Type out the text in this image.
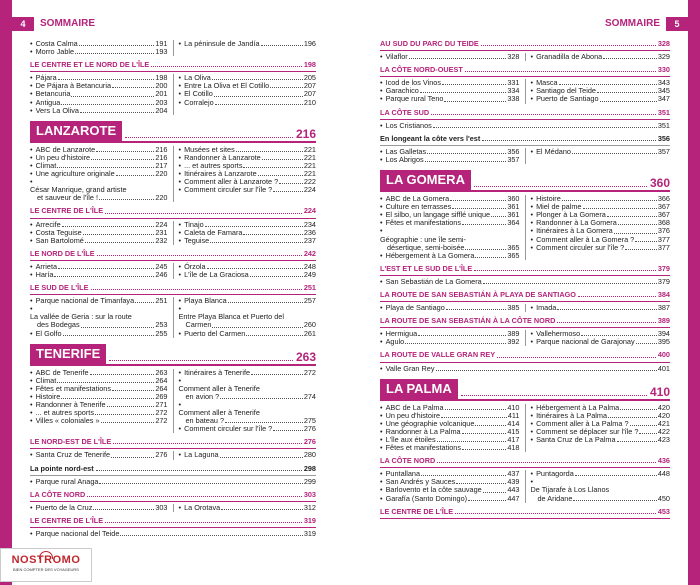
4	SOMMAIRE	SOMMAIRE	5
• Costa Calma	191
• Morro Jable	193
• La péninsule de Jandía	196
LE CENTRE ET LE NORD DE L'ÎLE	198
• Pájara	198
• De Pájara à Betancuria	200
• Betancuria	201
• Antigua	203
• Vers La Oliva	204
• La Oliva	205
• Entre La Oliva et El Cotillo	207
• El Cotillo	207
• Corralejo	210
LANZAROTE	216
• ABC de Lanzarote	216
• Un peu d'histoire	216
• Climat	217
• Une agriculture originale	220
• César Manrique, grand artiste
et sauveur de l'île !	220
• Musées et sites	221
• Randonner à Lanzarote	221
• ... et autres sports	221
• Itinéraires à Lanzarote	221
• Comment aller à Lanzarote ?	222
• Comment circuler sur l'île ?	224
LE CENTRE DE L'ÎLE	224
• Arrecife	224
• Costa Teguise	231
• San Bartolomé	232
• Tinajo	234
• Caleta de Famara	236
• Teguise	237
LE NORD DE L'ÎLE	242
• Arrieta	245
• Haría	246
• Órzola	248
• L'île de La Graciosa	249
LE SUD DE L'ÎLE	251
• Parque nacional de Timanfaya	251
• La vallée de Geria : sur la route
des Bodegas	253
• El Golfo	255
• Playa Blanca	257
• Entre Playa Blanca et Puerto del
Carmen	260
• Puerto del Carmen	261
TENERIFE	263
• ABC de Tenerife	263
• Climat	264
• Fêtes et manifestations	264
• Histoire	269
• Randonner à Tenerife	271
• ... et autres sports	272
• Villes « coloniales »	272
• Itinéraires à Tenerife	272
• Comment aller à Tenerife
en avion ?	274
• Comment aller à Tenerife
en bateau ?	275
• Comment circuler sur l'île ?	276
LE NORD-EST DE L'ÎLE	276
• Santa Cruz de Tenerife	276 • La Laguna	280
La pointe nord-est	298
• Parque rural Anaga	299
LA CÔTE NORD	303
• Puerto de la Cruz	303 • La Orotava	312
LE CENTRE DE L'ÎLE	319
• Parque nacional del Teide	319
AU SUD DU PARC DU TEIDE	328
• Vilaflor	328 • Granadilla de Abona	329
LA CÔTE NORD-OUEST	330
• Icod de los Vinos	331
• Garachico	334
• Parque rural Teno	338
• Masca	343
• Santiago del Teide	345
• Puerto de Santiago	347
LA CÔTE SUD	351
• Los Cristianos	351
En longeant la côte vers l'est	356
• Las Galletas	356
• Los Abrigos	357
• El Médano	357
LA GOMERA	360
• ABC de La Gomera	360
• Culture en terrasses	361
• El silbo, un langage sifflé unique 361
• Fêtes et manifestations	364
• Géographie : une île semi-
désertique, semi-boisée	365
• Hébergement à La Gomera	365
• Histoire	366
• Miel de palme	367
• Plonger à La Gomera	367
• Randonner à La Gomera	368
• Itinéraires à La Gomera	376
• Comment aller à La Gomera ?	377
• Comment circuler sur l'île ?	377
L'EST ET LE SUD DE L'ÎLE	379
• San Sebastián de La Gomera	379
LA ROUTE DE SAN SEBASTIÁN À PLAYA DE SANTIAGO	384
• Playa de Santiago	385 • Imada	387
LA ROUTE DE SAN SEBASTIÁN À LA CÔTE NORD	389
• Hermigua	389
• Agulo	392
• Vallehermoso	394
• Parque nacional de Garajonay	395
LA ROUTE DE VALLE GRAN REY	400
• Valle Gran Rey	401
LA PALMA	410
• ABC de La Palma	410
• Un peu d'histoire	411
• Une géographie volcanique	414
• Randonner à La Palma	415
• L'île aux étoiles	417
• Fêtes et manifestations	418
• Hébergement à La Palma	420
• Itinéraires à La Palma	420
• Comment aller à La Palma ?	421
• Comment se déplacer sur l'île ?	422
• Santa Cruz de La Palma	423
LA CÔTE NORD	436
• Puntallana	437
• San Andrés y Sauces	439
• Barlovento et la côte sauvage	443
• Garafía (Santo Domingo)	447
• Puntagorda	448
• De Tijarafe à Los Llanos
de Aridane	450
LE CENTRE DE L'ÎLE	453
NOSTROMO
BIEN COMPTER DES VOYAGEURS
